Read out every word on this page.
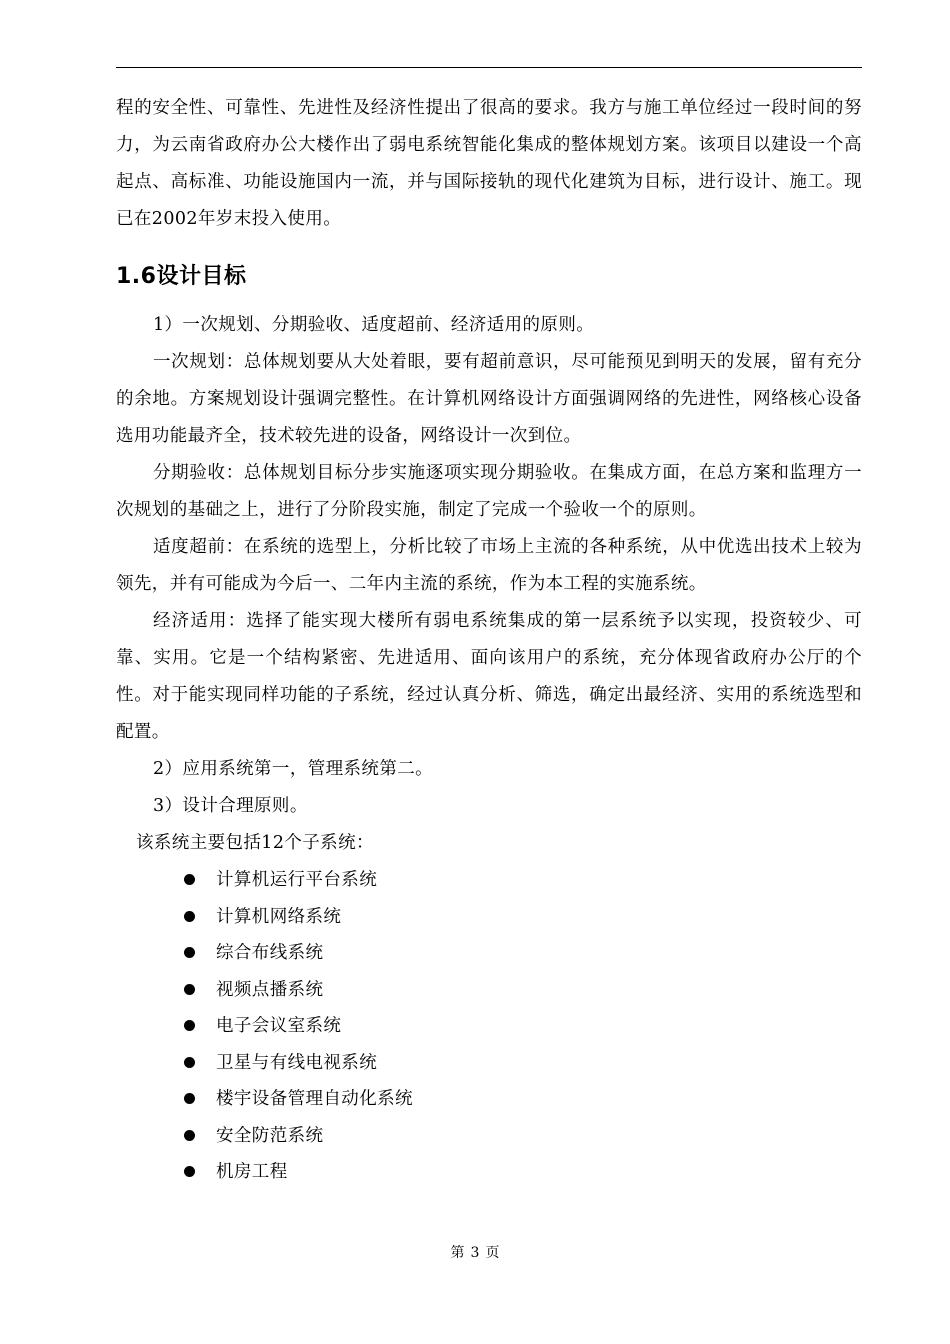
程的安全性、可靠性、先进性及经济性提出了很高的要求。我方与施工单位经过一段时间的努力，为云南省政府办公大楼作出了弱电系统智能化集成的整体规划方案。该项目以建设一个高起点、高标准、功能设施国内一流，并与国际接轨的现代化建筑为目标，进行设计、施工。现已在2002年岁末投入使用。

1.6设计目标

1）一次规划、分期验收、适度超前、经济适用的原则。

一次规划：总体规划要从大处着眼，要有超前意识，尽可能预见到明天的发展，留有充分的余地。方案规划设计强调完整性。在计算机网络设计方面强调网络的先进性，网络核心设备选用功能最齐全，技术较先进的设备，网络设计一次到位。

分期验收：总体规划目标分步实施逐项实现分期验收。在集成方面，在总方案和监理方一次规划的基础之上，进行了分阶段实施，制定了完成一个验收一个的原则。

适度超前：在系统的选型上，分析比较了市场上主流的各种系统，从中优选出技术上较为领先，并有可能成为今后一、二年内主流的系统，作为本工程的实施系统。

经济适用：选择了能实现大楼所有弱电系统集成的第一层系统予以实现，投资较少、可靠、实用。它是一个结构紧密、先进适用、面向该用户的系统，充分体现省政府办公厅的个性。对于能实现同样功能的子系统，经过认真分析、筛选，确定出最经济、实用的系统选型和配置。

2）应用系统第一，管理系统第二。

3）设计合理原则。

该系统主要包括12个子系统：

计算机运行平台系统
计算机网络系统
综合布线系统
视频点播系统
电子会议室系统
卫星与有线电视系统
楼宇设备管理自动化系统
安全防范系统
机房工程
第 3 页
